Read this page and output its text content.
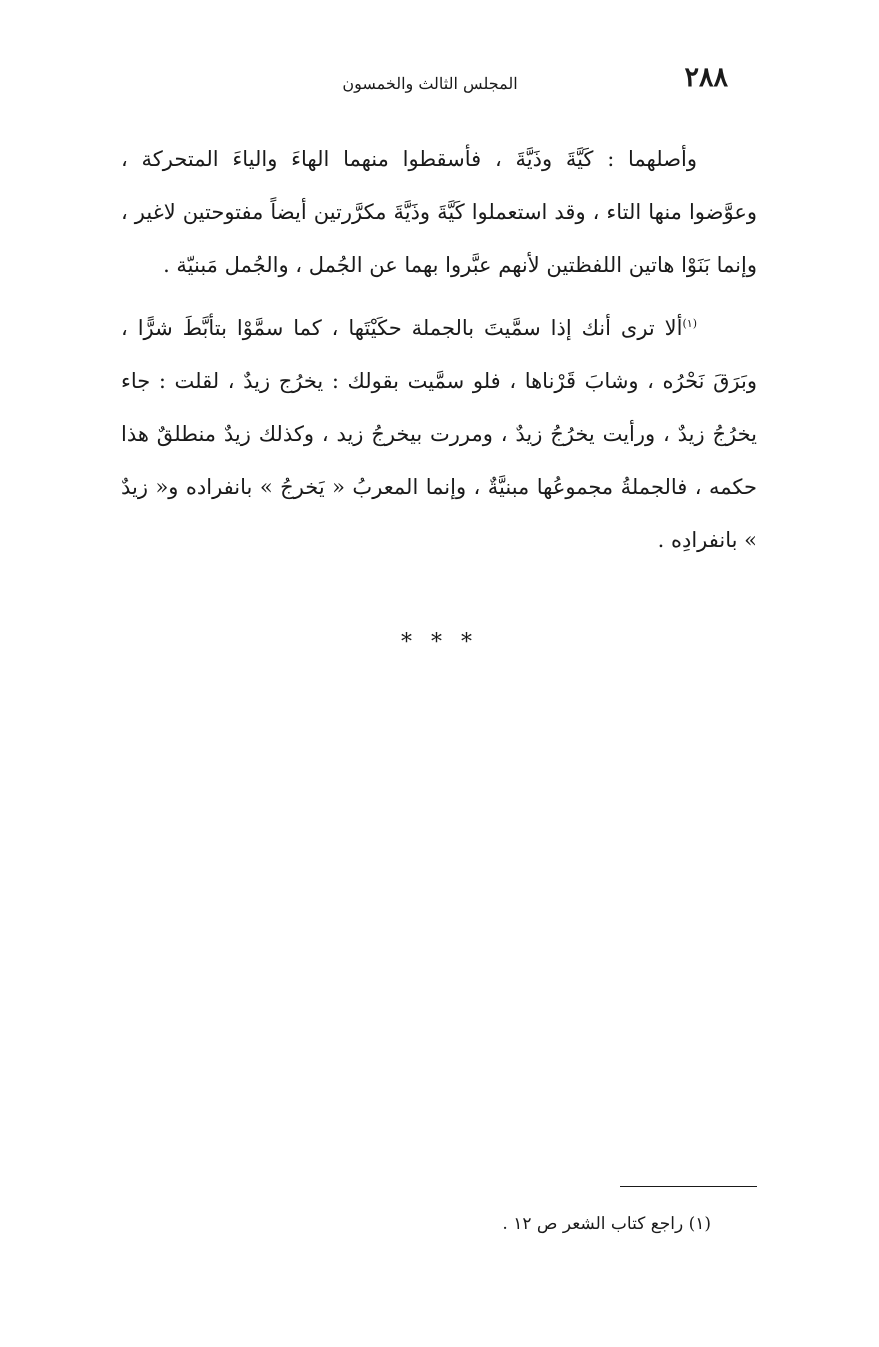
٢٨٨
المجلس الثالث والخمسون

وأصلهما : كَيَّةَ وذَيَّةَ ، فأسقطوا منهما الهاءَ والياءَ المتحركة ، وعوَّضوا منها التاء ، وقد استعملوا كَيَّةَ وذَيَّةَ مكرَّرتين أيضاً مفتوحتين لاغير ، وإنما بَنَوْا هاتين اللفظتين لأنهم عبَّروا بهما عن الجُمل ، والجُمل مَبنيّة .

$^{(١)}$ألا ترى أنك إذا سمَّيتَ بالجملة حكَيْتَها ، كما سمَّوْا بتأبَّطَ شرًّا ، وبَرَقَ نَحْرُه ، وشابَ قَرْناها ، فلو سمَّيت بقولك : يخرُج زيدٌ ، لقلت : جاء يخرُجُ زيدٌ ، ورأيت يخرُجُ زيدٌ ، ومررت بيخرجُ زيد ، وكذلك زيدٌ منطلقٌ هذا حكمه ، فالجملةُ مجموعُها مبنيَّةٌ ، وإنما المعربُ « يَخرجُ » بانفراده و« زيدٌ » بانفرادِه .

* * *
(١) راجع كتاب الشعر ص ١٢ .
